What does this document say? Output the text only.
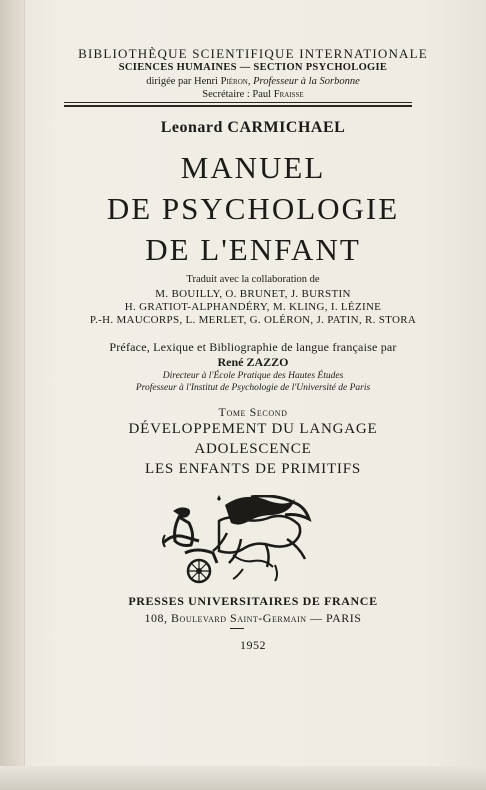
BIBLIOTHÈQUE SCIENTIFIQUE INTERNATIONALE
SCIENCES HUMAINES — SECTION PSYCHOLOGIE
dirigée par Henri Piéron, Professeur à la Sorbonne
Secrétaire : Paul Fraisse
Leonard CARMICHAEL
MANUEL
DE PSYCHOLOGIE
DE L'ENFANT
Traduit avec la collaboration de
M. BOUILLY, O. BRUNET, J. BURSTIN
H. GRATIOT-ALPHANDÉRY, M. KLING, I. LÉZINE
P.-H. MAUCORPS, L. MERLET, G. OLÉRON, J. PATIN, R. STORA
Préface, Lexique et Bibliographie de langue française par
René ZAZZO
Directeur à l'École Pratique des Hautes Études
Professeur à l'Institut de Psychologie de l'Université de Paris
Tome Second
DÉVELOPPEMENT DU LANGAGE
ADOLESCENCE
LES ENFANTS DE PRIMITIFS
PRESSES UNIVERSITAIRES DE FRANCE
108, Boulevard Saint-Germain — PARIS
1952
